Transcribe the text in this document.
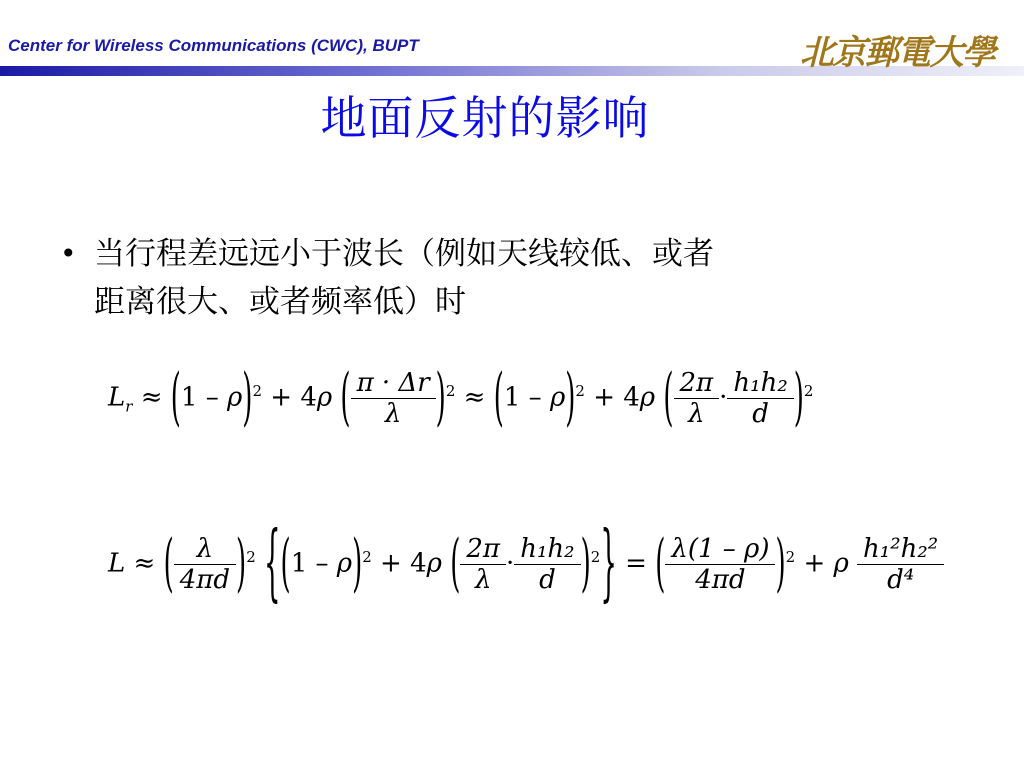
Center for Wireless Communications (CWC), BUPT	北京郵電大學
地面反射的影响
• 当行程差远远小于波长（例如天线较低、或者
距离很大、或者频率低）时
$L_r \approx (1 - \rho)^2 + 4\rho$ ( $\frac{\pi \cdot \Delta r}{\lambda} )^2 \approx (1 - \rho)^2 + 4\rho$ ( $\frac{2\pi}{\lambda} \cdot \frac{\text{h₁h₂}}{d} )^2$
L ≈ ( $\frac{\lambda}{4\pi d} )^2$ {(1 – ρ)$^2$ + 4ρ ( $\frac{2\pi}{\lambda} \cdot \frac{\text{h₁h₂}}{d} )^2$} = ( $\frac{\lambda(1 - \rho)}{4\pi d} )^2 + \rho \frac{\text{h₁²h₂²}}{\text{d⁴}}$
